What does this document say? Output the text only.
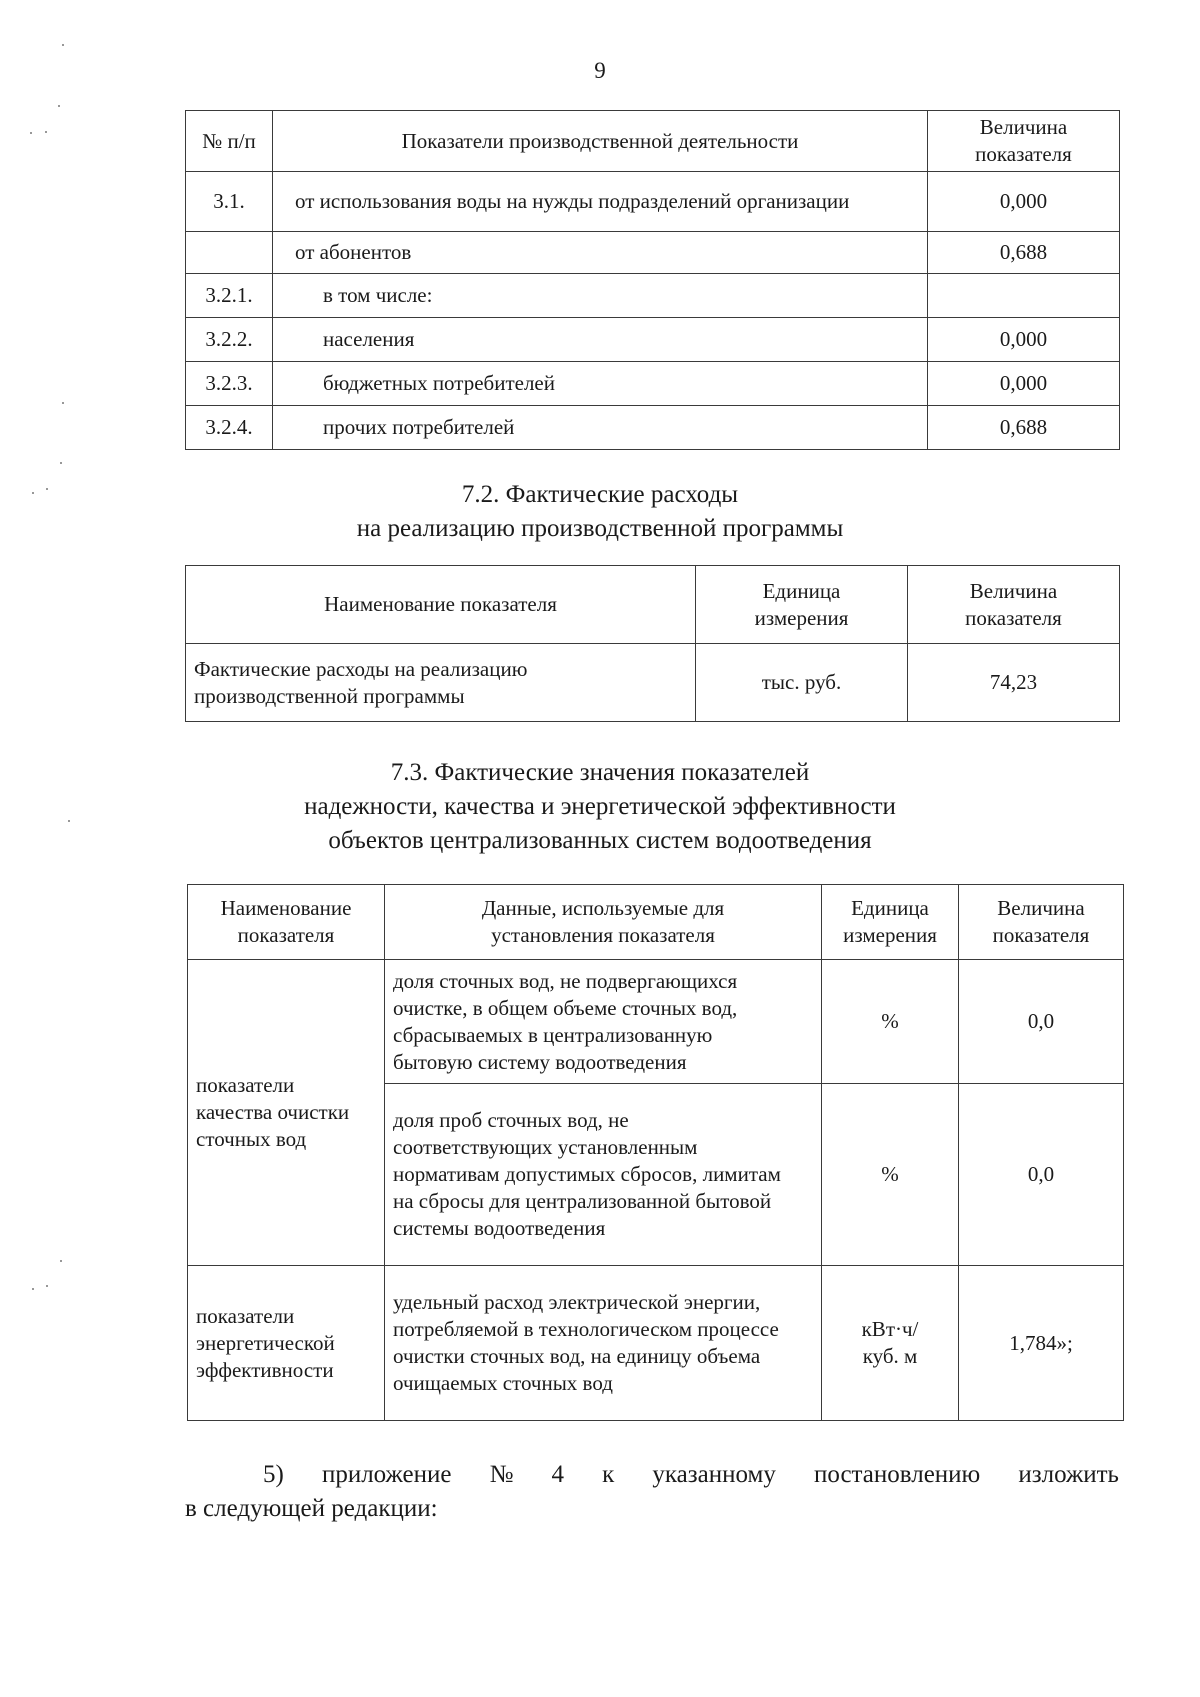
9
№ п/п	Показатели производственной деятельности	Величина показателя
3.1.	от использования воды на нужды подразделений организации	0,000
	от абонентов	0,688
3.2.1.	в том числе:	
3.2.2.	населения	0,000
3.2.3.	бюджетных потребителей	0,000
3.2.4.	прочих потребителей	0,688
7.2. Фактические расходы
на реализацию производственной программы
Наименование показателя	Единица измерения	Величина показателя
Фактические расходы на реализацию производственной программы	тыс. руб.	74,23
7.3. Фактические значения показателей
надежности, качества и энергетической эффективности
объектов централизованных систем водоотведения
Наименование показателя	Данные, используемые для установления показателя	Единица измерения	Величина показателя
показатели качества очистки сточных вод	доля сточных вод, не подвергающихся очистке, в общем объеме сточных вод, сбрасываемых в централизованную бытовую систему водоотведения	%	0,0
	доля проб сточных вод, не соответствующих установленным нормативам допустимых сбросов, лимитам на сбросы для централизованной бытовой системы водоотведения	%	0,0
показатели энергетической эффективности	удельный расход электрической энергии, потребляемой в технологическом процессе очистки сточных вод, на единицу объема очищаемых сточных вод	кВт·ч/ куб. м	1,784»;
5) приложение № 4 к указанному постановлению изложить
в следующей редакции:
